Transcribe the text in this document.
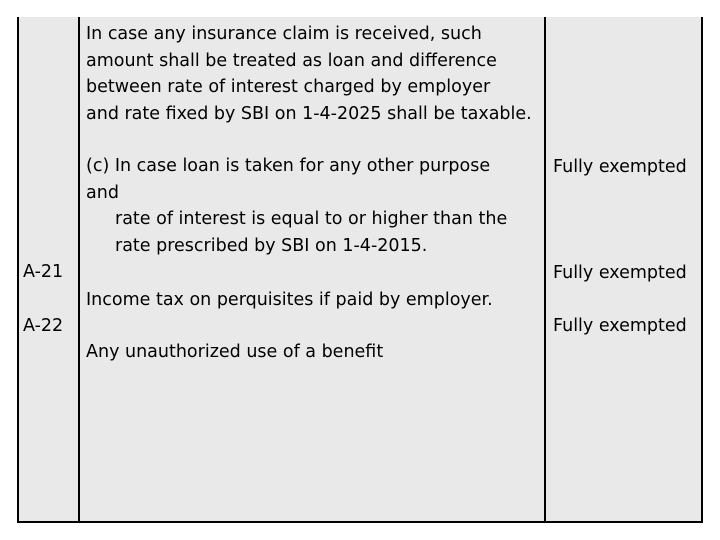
A-21
A-22
In case any insurance claim is received, such
amount shall be treated as loan and difference
between rate of interest charged by employer
and rate fixed by SBI on 1-4-2025 shall be taxable.
(c) In case loan is taken for any other purpose
and
rate of interest is equal to or higher than the
rate prescribed by SBI on 1-4-2015.
Income tax on perquisites if paid by employer.
Any unauthorized use of a benefit
Fully exempted
Fully exempted
Fully exempted
